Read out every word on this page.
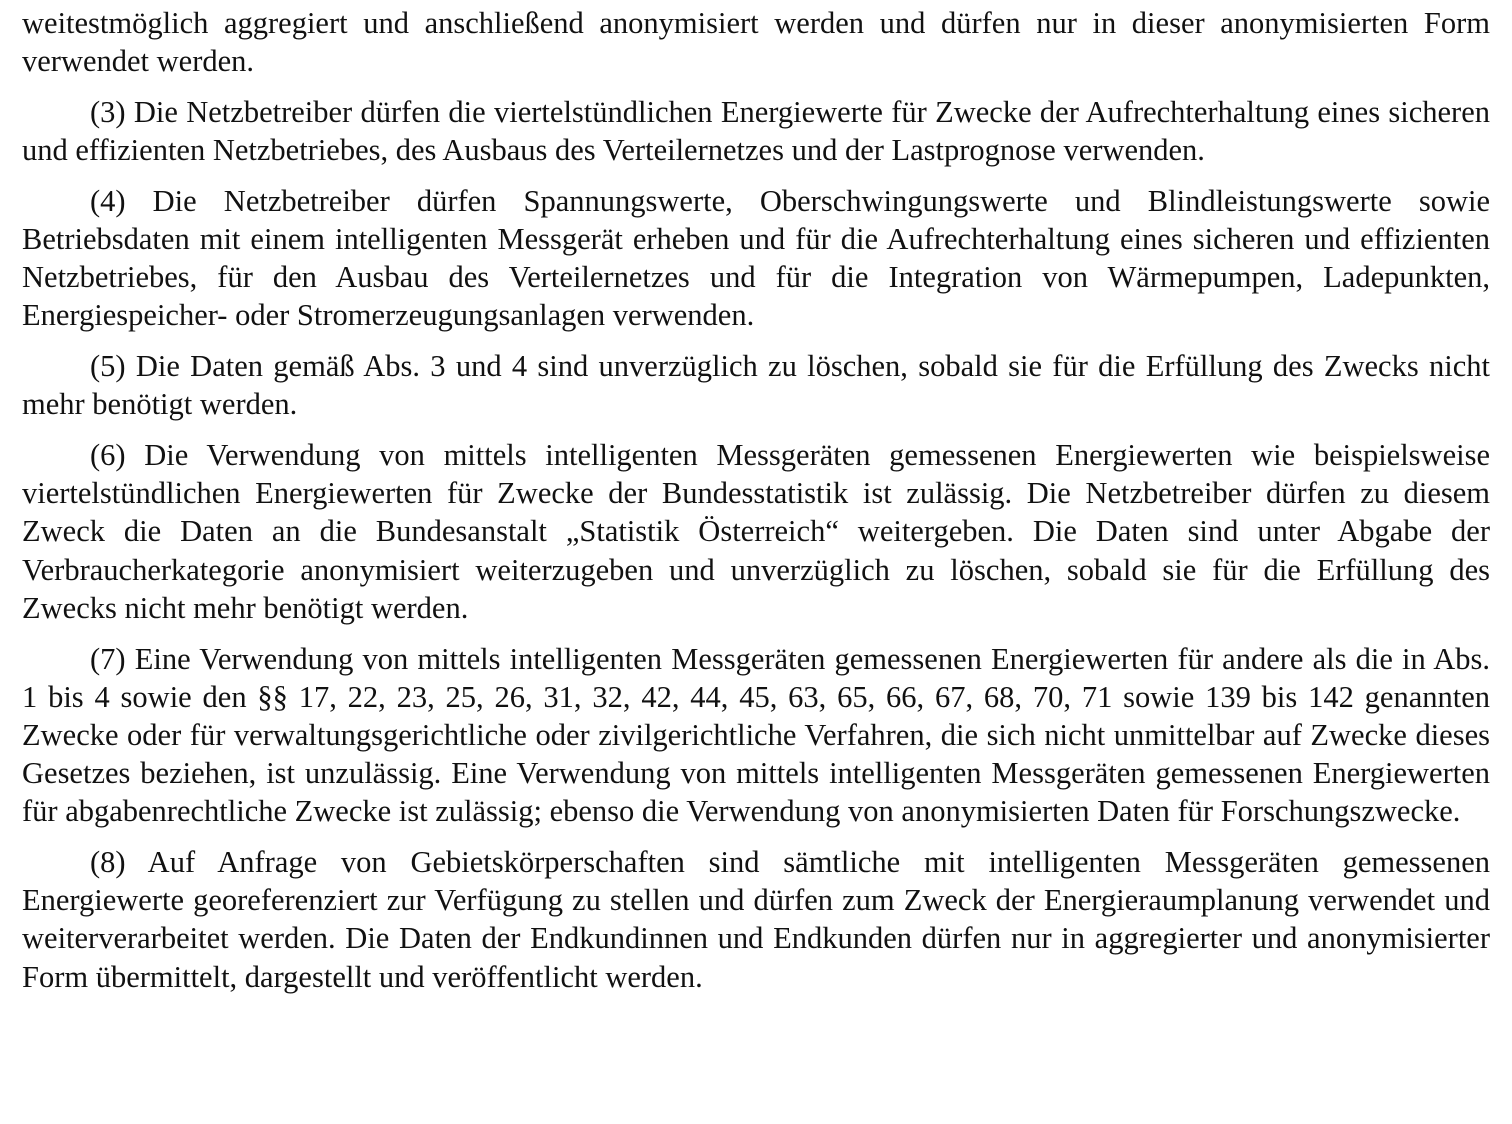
weitestmöglich aggregiert und anschließend anonymisiert werden und dürfen nur in dieser anonymisierten Form verwendet werden.

(3) Die Netzbetreiber dürfen die viertelstündlichen Energiewerte für Zwecke der Aufrechterhaltung eines sicheren und effizienten Netzbetriebes, des Ausbaus des Verteilernetzes und der Lastprognose verwenden.

(4) Die Netzbetreiber dürfen Spannungswerte, Oberschwingungswerte und Blindleistungswerte sowie Betriebsdaten mit einem intelligenten Messgerät erheben und für die Aufrechterhaltung eines sicheren und effizienten Netzbetriebes, für den Ausbau des Verteilernetzes und für die Integration von Wärmepumpen, Ladepunkten, Energiespeicher- oder Stromerzeugungsanlagen verwenden.

(5) Die Daten gemäß Abs. 3 und 4 sind unverzüglich zu löschen, sobald sie für die Erfüllung des Zwecks nicht mehr benötigt werden.

(6) Die Verwendung von mittels intelligenten Messgeräten gemessenen Energiewerten wie beispielsweise viertelstündlichen Energiewerten für Zwecke der Bundesstatistik ist zulässig. Die Netzbetreiber dürfen zu diesem Zweck die Daten an die Bundesanstalt „Statistik Österreich“ weitergeben. Die Daten sind unter Abgabe der Verbraucherkategorie anonymisiert weiterzugeben und unverzüglich zu löschen, sobald sie für die Erfüllung des Zwecks nicht mehr benötigt werden.

(7) Eine Verwendung von mittels intelligenten Messgeräten gemessenen Energiewerten für andere als die in Abs. 1 bis 4 sowie den §§ 17, 22, 23, 25, 26, 31, 32, 42, 44, 45, 63, 65, 66, 67, 68, 70, 71 sowie 139 bis 142 genannten Zwecke oder für verwaltungsgerichtliche oder zivilgerichtliche Verfahren, die sich nicht unmittelbar auf Zwecke dieses Gesetzes beziehen, ist unzulässig. Eine Verwendung von mittels intelligenten Messgeräten gemessenen Energiewerten für abgabenrechtliche Zwecke ist zulässig; ebenso die Verwendung von anonymisierten Daten für Forschungszwecke.

(8) Auf Anfrage von Gebietskörperschaften sind sämtliche mit intelligenten Messgeräten gemessenen Energiewerte georeferenziert zur Verfügung zu stellen und dürfen zum Zweck der Energieraumplanung verwendet und weiterverarbeitet werden. Die Daten der Endkundinnen und Endkunden dürfen nur in aggregierter und anonymisierter Form übermittelt, dargestellt und veröffentlicht werden.
